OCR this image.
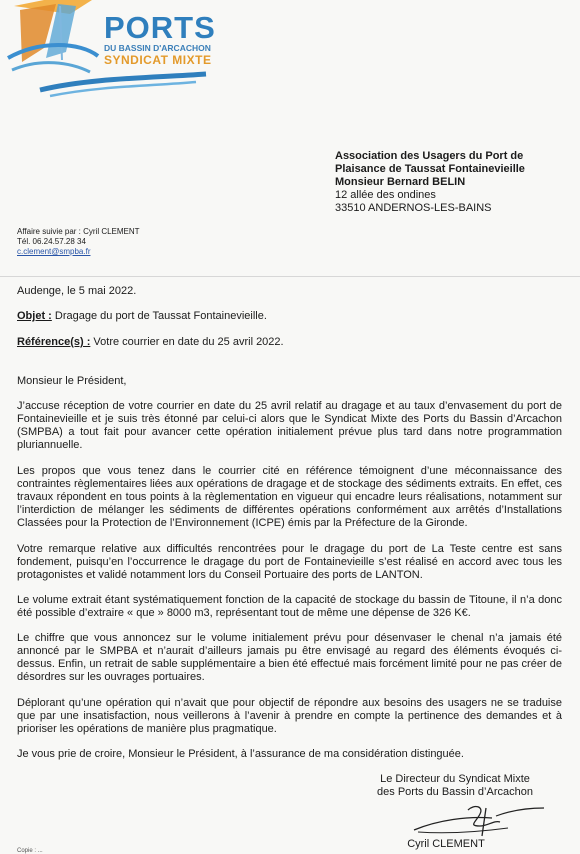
PORTS
DU BASSIN D'ARCACHON
SYNDICAT MIXTE
Association des Usagers du Port de
Plaisance de Taussat Fontainevieille
Monsieur Bernard BELIN
12 allée des ondines
33510 ANDERNOS-LES-BAINS
Affaire suivie par : Cyril CLEMENT
Tél. 06.24.57.28 34
c.clement@smpba.fr
Audenge, le 5 mai 2022.
Objet : Dragage du port de Taussat Fontainevieille.
Référence(s) : Votre courrier en date du 25 avril 2022.
Monsieur le Président,
J’accuse réception de votre courrier en date du 25 avril relatif au dragage et au taux d’envasement du port de Fontainevieille et je suis très étonné par celui-ci alors que le Syndicat Mixte des Ports du Bassin d’Arcachon (SMPBA) a tout fait pour avancer cette opération initialement prévue plus tard dans notre programmation pluriannuelle.
Les propos que vous tenez dans le courrier cité en référence témoignent d’une méconnaissance des contraintes règlementaires liées aux opérations de dragage et de stockage des sédiments extraits. En effet, ces travaux répondent en tous points à la règlementation en vigueur qui encadre leurs réalisations, notamment sur l’interdiction de mélanger les sédiments de différentes opérations conformément aux arrêtés d’Installations Classées pour la Protection de l’Environnement (ICPE) émis par la Préfecture de la Gironde.
Votre remarque relative aux difficultés rencontrées pour le dragage du port de La Teste centre est sans fondement, puisqu’en l’occurrence le dragage du port de Fontainevieille s’est réalisé en accord avec tous les protagonistes et validé notamment lors du Conseil Portuaire des ports de LANTON.
Le volume extrait étant systématiquement fonction de la capacité de stockage du bassin de Titoune, il n’a donc été possible d’extraire « que » 8000 m3, représentant tout de même une dépense de 326 K€.
Le chiffre que vous annoncez sur le volume initialement prévu pour désenvaser le chenal n’a jamais été annoncé par le SMPBA et n’aurait d’ailleurs jamais pu être envisagé au regard des éléments évoqués ci-dessus. Enfin, un retrait de sable supplémentaire a bien été effectué mais forcément limité pour ne pas créer de désordres sur les ouvrages portuaires.
Déplorant qu’une opération qui n’avait que pour objectif de répondre aux besoins des usagers ne se traduise que par une insatisfaction, nous veillerons à l’avenir à prendre en compte la pertinence des demandes et à prioriser les opérations de manière plus pragmatique.
Je vous prie de croire, Monsieur le Président, à l’assurance de ma considération distinguée.
Le Directeur du Syndicat Mixte
des Ports du Bassin d’Arcachon
Cyril CLEMENT
Copie : ...
